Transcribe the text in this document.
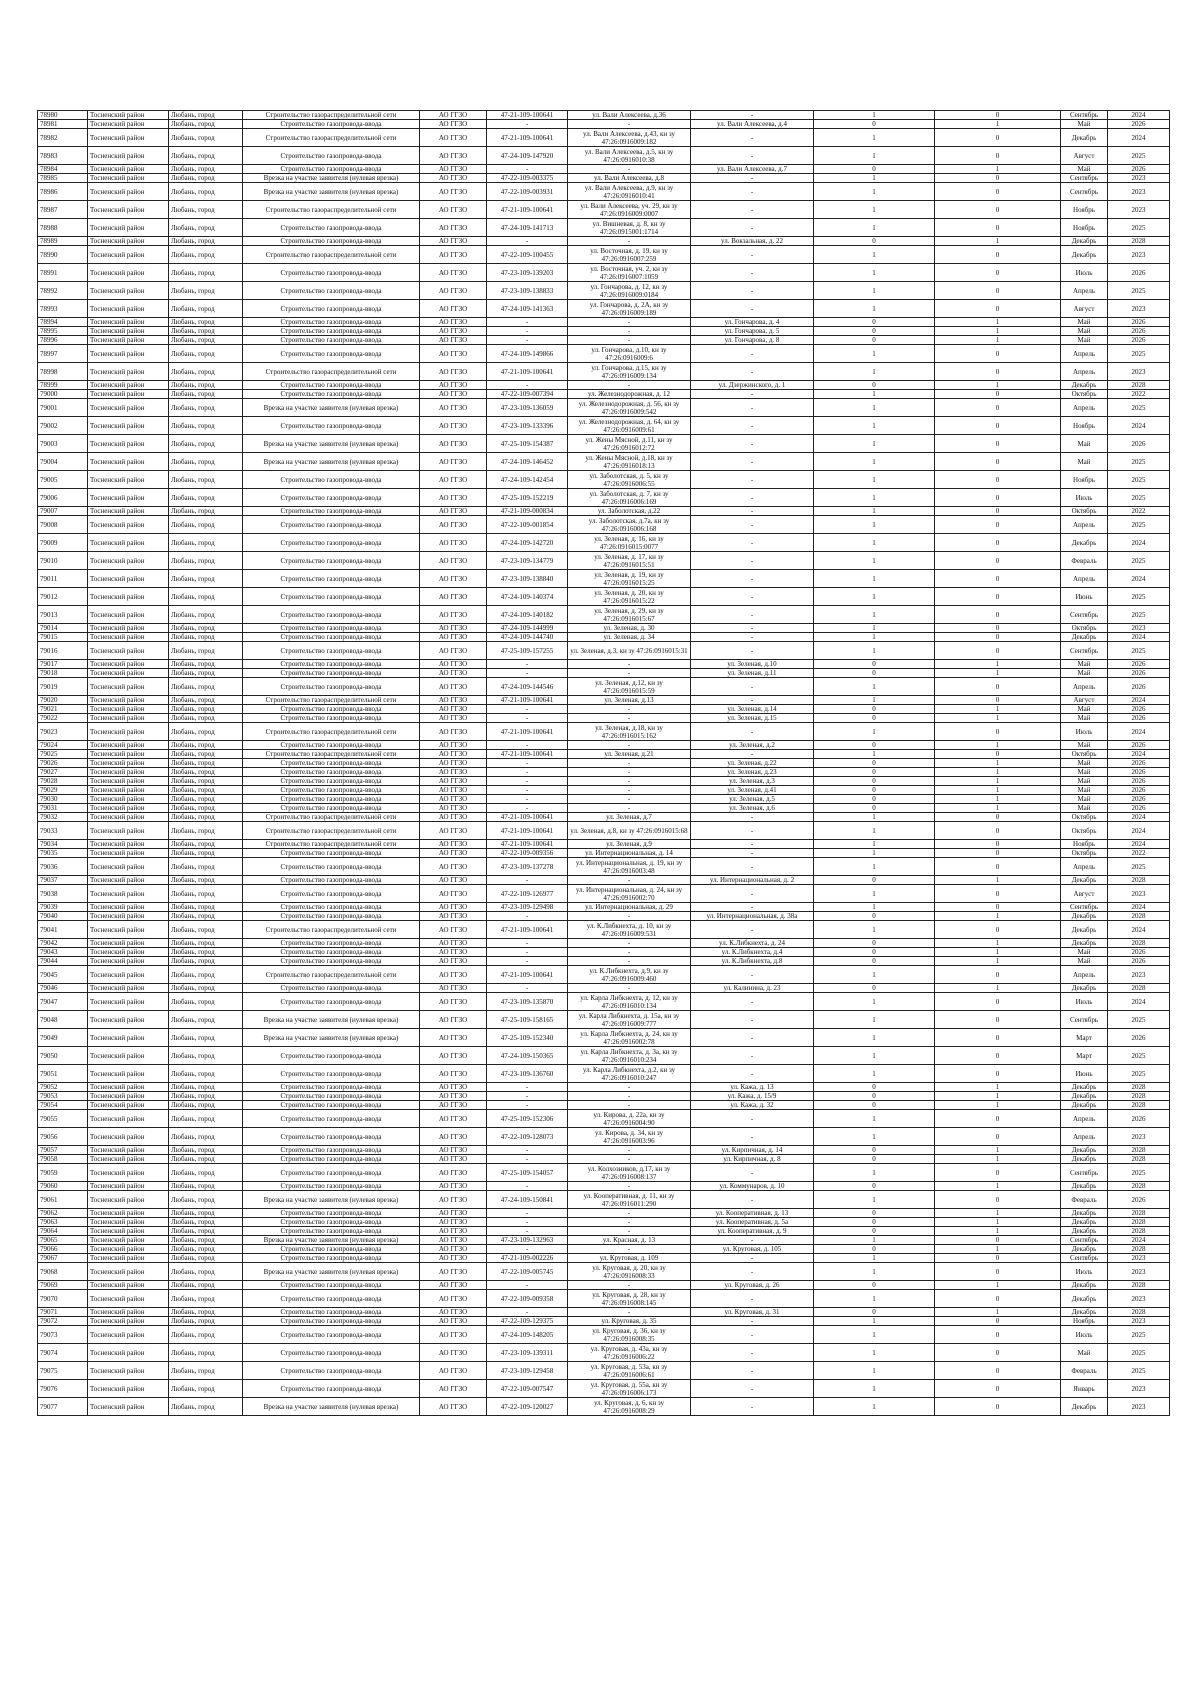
78980	Тосненский район	Любань, город	Строительство газораспределительной сети	АО ГГЗО	47-21-109-100641	ул. Вали Алексеева, д.36	-	1	0	Сентябрь	2024
78981	Тосненский район	Любань, город	Строительство газопровода-ввода	АО ГГЗО	-	-	ул. Вали Алексеева, д.4	0	1	Май	2026
78982	Тосненский район	Любань, город	Строительство газораспределительной сети	АО ГГЗО	47-21-109-100641	ул. Вали Алексеева, д.43, кн зу 47:26:0916009:182	-	1	0	Декабрь	2024
78983	Тосненский район	Любань, город	Строительство газопровода-ввода	АО ГГЗО	47-24-109-147920	ул. Вали Алексеева, д.5, кн зу 47:26:0916010:38	-	1	0	Август	2025
78984	Тосненский район	Любань, город	Строительство газопровода-ввода	АО ГГЗО	-	-	ул. Вали Алексеева, д.7	0	1	Май	2026
78985	Тосненский район	Любань, город	Врезка на участке заявителя (нулевая врезка)	АО ГГЗО	47-22-109-003375	ул. Вали Алексеева, д.8	-	1	0	Сентябрь	2023
78986	Тосненский район	Любань, город	Врезка на участке заявителя (нулевая врезка)	АО ГГЗО	47-22-109-003931	ул. Вали Алексеева, д.9, кн зу 47:26:0916010:41	-	1	0	Сентябрь	2023
78987	Тосненский район	Любань, город	Строительство газораспределительной сети	АО ГГЗО	47-21-109-100641	ул. Вали Алексеева, уч. 29, кн зу 47:26:0916009:0007	-	1	0	Ноябрь	2023
78988	Тосненский район	Любань, город	Строительство газопровода-ввода	АО ГГЗО	47-24-109-141713	ул. Вишневая, д. 8, кн зу 47:26:0915001:1714	-	1	0	Ноябрь	2025
78989	Тосненский район	Любань, город	Строительство газопровода-ввода	АО ГГЗО	-	-	ул. Вокзальная, д. 22	0	1	Декабрь	2028
78990	Тосненский район	Любань, город	Строительство газораспределительной сети	АО ГГЗО	47-22-109-100455	ул. Восточная, д. 19, кн зу 47:26:0916007:259	-	1	0	Декабрь	2023
78991	Тосненский район	Любань, город	Строительство газопровода-ввода	АО ГГЗО	47-23-109-139203	ул. Восточная, уч. 2, кн зу 47:26:0916007:1059	-	1	0	Июль	2026
78992	Тосненский район	Любань, город	Строительство газопровода-ввода	АО ГГЗО	47-23-109-138833	ул. Гончарова, д. 12, кн зу 47:26:0916009:0184	-	1	0	Апрель	2025
78993	Тосненский район	Любань, город	Строительство газопровода-ввода	АО ГГЗО	47-24-109-141363	ул. Гончарова, д. 2А, кн зу 47:26:0916009:189	-	1	0	Август	2023
78994	Тосненский район	Любань, город	Строительство газопровода-ввода	АО ГГЗО	-	-	ул. Гончарова, д. 4	0	1	Май	2026
78995	Тосненский район	Любань, город	Строительство газопровода-ввода	АО ГГЗО	-	-	ул. Гончарова, д. 5	0	1	Май	2026
78996	Тосненский район	Любань, город	Строительство газопровода-ввода	АО ГГЗО	-	-	ул. Гончарова, д. 8	0	1	Май	2026
78997	Тосненский район	Любань, город	Строительство газопровода-ввода	АО ГГЗО	47-24-109-149866	ул. Гончарова, д.10, кн зу 47:26:0916009:6	-	1	0	Апрель	2025
78998	Тосненский район	Любань, город	Строительство газораспределительной сети	АО ГГЗО	47-21-109-100641	ул. Гончарова, д.15, кн зу 47:26:0916009:134	-	1	0	Апрель	2023
78999	Тосненский район	Любань, город	Строительство газопровода-ввода	АО ГГЗО	-	-	ул. Дзержинского, д. 1	0	1	Декабрь	2028
79000	Тосненский район	Любань, город	Строительство газопровода-ввода	АО ГГЗО	47-22-109-007394	ул. Железнодорожная, д. 12	-	1	0	Октябрь	2022
79001	Тосненский район	Любань, город	Врезка на участке заявителя (нулевая врезка)	АО ГГЗО	47-23-109-136059	ул. Железнодорожная, д. 56, кн зу 47:26:0916009:542	-	1	0	Апрель	2025
79002	Тосненский район	Любань, город	Строительство газопровода-ввода	АО ГГЗО	47-23-109-133396	ул. Железнодорожная, д. 64, кн зу 47:26:0916009:61	-	1	0	Ноябрь	2024
79003	Тосненский район	Любань, город	Врезка на участке заявителя (нулевая врезка)	АО ГГЗО	47-25-109-154387	ул. Жены Мясной, д.11, кн зу 47:26:0916012:72	-	1	0	Май	2026
79004	Тосненский район	Любань, город	Врезка на участке заявителя (нулевая врезка)	АО ГГЗО	47-24-109-146452	ул. Жены Мясной, д.18, кн зу 47:26:0916018:13	-	1	0	Май	2025
79005	Тосненский район	Любань, город	Строительство газопровода-ввода	АО ГГЗО	47-24-109-142454	ул. Заболотская, д. 5, кн зу 47:26:0916006:55	-	1	0	Ноябрь	2025
79006	Тосненский район	Любань, город	Строительство газопровода-ввода	АО ГГЗО	47-25-109-152219	ул. Заболотская, д. 7, кн зу 47:26:0916006:169	-	1	0	Июль	2025
79007	Тосненский район	Любань, город	Строительство газопровода-ввода	АО ГГЗО	47-21-109-000834	ул. Заболотская, д.22	-	1	0	Октябрь	2022
79008	Тосненский район	Любань, город	Строительство газопровода-ввода	АО ГГЗО	47-22-109-001854	ул. Заболотская, д.7а, кн зу 47:26:0916006:168	-	1	0	Апрель	2025
79009	Тосненский район	Любань, город	Строительство газопровода-ввода	АО ГГЗО	47-24-109-142720	ул. Зеленая, д. 16, кн зу 47:26:0916015:0077	-	1	0	Декабрь	2024
79010	Тосненский район	Любань, город	Строительство газопровода-ввода	АО ГГЗО	47-23-109-134779	ул. Зеленая, д. 17, кн зу 47:26:0916015:51	-	1	0	Февраль	2025
79011	Тосненский район	Любань, город	Строительство газопровода-ввода	АО ГГЗО	47-23-109-138840	ул. Зеленая, д. 19, кн зу 47:26:0916015:25	-	1	0	Апрель	2024
79012	Тосненский район	Любань, город	Строительство газопровода-ввода	АО ГГЗО	47-24-109-140374	ул. Зеленая, д. 20, кн зу 47:26:0916015:22	-	1	0	Июнь	2025
79013	Тосненский район	Любань, город	Строительство газопровода-ввода	АО ГГЗО	47-24-109-140182	ул. Зеленая, д. 29, кн зу 47:26:0916015:67	-	1	0	Сентябрь	2025
79014	Тосненский район	Любань, город	Строительство газопровода-ввода	АО ГГЗО	47-24-109-144999	ул. Зеленая, д. 30	-	1	0	Октябрь	2023
79015	Тосненский район	Любань, город	Строительство газопровода-ввода	АО ГГЗО	47-24-109-144740	ул. Зеленая, д. 34	-	1	0	Декабрь	2024
79016	Тосненский район	Любань, город	Строительство газопровода-ввода	АО ГГЗО	47-25-109-157255	ул. Зеленая, д.3, кн зу 47:26:0916015:31	-	1	0	Сентябрь	2025
79017	Тосненский район	Любань, город	Строительство газопровода-ввода	АО ГГЗО	-	-	ул. Зеленая, д.10	0	1	Май	2026
79018	Тосненский район	Любань, город	Строительство газопровода-ввода	АО ГГЗО	-	-	ул. Зеленая, д.11	0	1	Май	2026
79019	Тосненский район	Любань, город	Строительство газопровода-ввода	АО ГГЗО	47-24-109-144546	ул. Зеленая, д.12, кн зу 47:26:0916015:59	-	1	0	Апрель	2026
79020	Тосненский район	Любань, город	Строительство газораспределительной сети	АО ГГЗО	47-21-109-100641	ул. Зеленая, д.13	-	1	0	Август	2024
79021	Тосненский район	Любань, город	Строительство газопровода-ввода	АО ГГЗО	-	-	ул. Зеленая, д.14	0	1	Май	2026
79022	Тосненский район	Любань, город	Строительство газопровода-ввода	АО ГГЗО	-	-	ул. Зеленая, д.15	0	1	Май	2026
79023	Тосненский район	Любань, город	Строительство газораспределительной сети	АО ГГЗО	47-21-109-100641	ул. Зеленая, д.18, кн зу 47:26:0916015:162	-	1	0	Июль	2024
79024	Тосненский район	Любань, город	Строительство газопровода-ввода	АО ГГЗО	-	-	ул. Зеленая, д.2	0	1	Май	2026
79025	Тосненский район	Любань, город	Строительство газораспределительной сети	АО ГГЗО	47-21-109-100641	ул. Зеленая, д.21	-	1	0	Октябрь	2024
79026	Тосненский район	Любань, город	Строительство газопровода-ввода	АО ГГЗО	-	-	ул. Зеленая, д.22	0	1	Май	2026
79027	Тосненский район	Любань, город	Строительство газопровода-ввода	АО ГГЗО	-	-	ул. Зеленая, д.23	0	1	Май	2026
79028	Тосненский район	Любань, город	Строительство газопровода-ввода	АО ГГЗО	-	-	ул. Зеленая, д.3	0	1	Май	2026
79029	Тосненский район	Любань, город	Строительство газопровода-ввода	АО ГГЗО	-	-	ул. Зеленая, д.41	0	1	Май	2026
79030	Тосненский район	Любань, город	Строительство газопровода-ввода	АО ГГЗО	-	-	ул. Зеленая, д.5	0	1	Май	2026
79031	Тосненский район	Любань, город	Строительство газопровода-ввода	АО ГГЗО	-	-	ул. Зеленая, д.6	0	1	Май	2026
79032	Тосненский район	Любань, город	Строительство газораспределительной сети	АО ГГЗО	47-21-109-100641	ул. Зеленая, д.7	-	1	0	Октябрь	2024
79033	Тосненский район	Любань, город	Строительство газораспределительной сети	АО ГГЗО	47-21-109-100641	ул. Зеленая, д.8, кн зу 47:26:0916015:68	-	1	0	Октябрь	2024
79034	Тосненский район	Любань, город	Строительство газораспределительной сети	АО ГГЗО	47-21-109-100641	ул. Зеленая, д.9	-	1	0	Ноябрь	2024
79035	Тосненский район	Любань, город	Строительство газопровода-ввода	АО ГГЗО	47-22-109-009356	ул. Интернациональная, д. 14	-	1	0	Октябрь	2022
79036	Тосненский район	Любань, город	Строительство газопровода-ввода	АО ГГЗО	47-23-109-137278	ул. Интернациональная, д. 19, кн зу 47:26:0916003:48	-	1	0	Апрель	2025
79037	Тосненский район	Любань, город	Строительство газопровода-ввода	АО ГГЗО	-	-	ул. Интернациональная, д. 2	0	1	Декабрь	2028
79038	Тосненский район	Любань, город	Строительство газопровода-ввода	АО ГГЗО	47-22-109-126977	ул. Интернациональная, д. 24, кн зу 47:26:0916002:70	-	1	0	Август	2023
79039	Тосненский район	Любань, город	Строительство газопровода-ввода	АО ГГЗО	47-23-109-129498	ул. Интернациональная, д. 29	-	1	0	Сентябрь	2024
79040	Тосненский район	Любань, город	Строительство газопровода-ввода	АО ГГЗО	-	-	ул. Интернациональная, д. 38а	0	1	Декабрь	2028
79041	Тосненский район	Любань, город	Строительство газораспределительной сети	АО ГГЗО	47-21-109-100641	ул. К.Либкнехта, д. 10, кн зу 47:26:0916009:531	-	1	0	Декабрь	2024
79042	Тосненский район	Любань, город	Строительство газопровода-ввода	АО ГГЗО	-	-	ул. К.Либкнехта, д. 24	0	1	Декабрь	2028
79043	Тосненский район	Любань, город	Строительство газопровода-ввода	АО ГГЗО	-	-	ул. К.Либкнехта, д.4	0	1	Май	2026
79044	Тосненский район	Любань, город	Строительство газопровода-ввода	АО ГГЗО	-	-	ул. К.Либкнехта, д.8	0	1	Май	2026
79045	Тосненский район	Любань, город	Строительство газораспределительной сети	АО ГГЗО	47-21-109-100641	ул. К.Либкнехта, д.9, кн зу 47:26:0916009:460	-	1	0	Апрель	2023
79046	Тосненский район	Любань, город	Строительство газопровода-ввода	АО ГГЗО	-	-	ул. Калинина, д. 23	0	1	Декабрь	2028
79047	Тосненский район	Любань, город	Строительство газопровода-ввода	АО ГГЗО	47-23-109-135870	ул. Карла Либкнехта, д. 12, кн зу 47:26:0916010:134	-	1	0	Июль	2024
79048	Тосненский район	Любань, город	Врезка на участке заявителя (нулевая врезка)	АО ГГЗО	47-25-109-158165	ул. Карла Либкнехта, д. 15а, кн зу 47:26:0916009:777	-	1	0	Сентябрь	2025
79049	Тосненский район	Любань, город	Врезка на участке заявителя (нулевая врезка)	АО ГГЗО	47-25-109-152340	ул. Карла Либкнехта, д. 24, кн зу 47:26:0916002:78	-	1	0	Март	2026
79050	Тосненский район	Любань, город	Строительство газопровода-ввода	АО ГГЗО	47-24-109-150365	ул. Карла Либкнехта, д. 3а, кн зу 47:26:0916010:234	-	1	0	Март	2025
79051	Тосненский район	Любань, город	Строительство газопровода-ввода	АО ГГЗО	47-23-109-136760	ул. Карла Либкнехта, д.2, кн зу 47:26:0916010:247	-	1	0	Июнь	2025
79052	Тосненский район	Любань, город	Строительство газопровода-ввода	АО ГГЗО	-	-	ул. Кажа, д. 13	0	1	Декабрь	2028
79053	Тосненский район	Любань, город	Строительство газопровода-ввода	АО ГГЗО	-	-	ул. Кажа, д. 15/9	0	1	Декабрь	2028
79054	Тосненский район	Любань, город	Строительство газопровода-ввода	АО ГГЗО	-	-	ул. Кажа, д. 32	0	1	Декабрь	2028
79055	Тосненский район	Любань, город	Строительство газопровода-ввода	АО ГГЗО	47-25-109-152306	ул. Кирова, д. 22а, кн зу 47:26:0916004:90	-	1	0	Апрель	2026
79056	Тосненский район	Любань, город	Строительство газопровода-ввода	АО ГГЗО	47-22-109-128073	ул. Кирова, д. 34, кн зу 47:26:0916003:96	-	1	0	Апрель	2023
79057	Тосненский район	Любань, город	Строительство газопровода-ввода	АО ГГЗО	-	-	ул. Кирпичная, д. 14	0	1	Декабрь	2028
79058	Тосненский район	Любань, город	Строительство газопровода-ввода	АО ГГЗО	-	-	ул. Кирпичная, д. 8	0	1	Декабрь	2028
79059	Тосненский район	Любань, город	Строительство газопровода-ввода	АО ГГЗО	47-25-109-154057	ул. Колхозников, д.17, кн зу 47:26:0916008:137	-	1	0	Сентябрь	2025
79060	Тосненский район	Любань, город	Строительство газопровода-ввода	АО ГГЗО	-	-	ул. Коммунаров, д. 10	0	1	Декабрь	2028
79061	Тосненский район	Любань, город	Врезка на участке заявителя (нулевая врезка)	АО ГГЗО	47-24-109-150841	ул. Кооперативная, д. 11, кн зу 47:26:0916011:290	-	1	0	Февраль	2026
79062	Тосненский район	Любань, город	Строительство газопровода-ввода	АО ГГЗО	-	-	ул. Кооперативная, д. 13	0	1	Декабрь	2028
79063	Тосненский район	Любань, город	Строительство газопровода-ввода	АО ГГЗО	-	-	ул. Кооперативная, д. 5а	0	1	Декабрь	2028
79064	Тосненский район	Любань, город	Строительство газопровода-ввода	АО ГГЗО	-	-	ул. Кооперативная, д. 9	0	1	Декабрь	2028
79065	Тосненский район	Любань, город	Врезка на участке заявителя (нулевая врезка)	АО ГГЗО	47-23-109-132963	ул. Красная, д. 13	-	1	0	Сентябрь	2024
79066	Тосненский район	Любань, город	Строительство газопровода-ввода	АО ГГЗО	-	-	ул. Круговая, д. 105	0	1	Декабрь	2028
79067	Тосненский район	Любань, город	Строительство газопровода-ввода	АО ГГЗО	47-21-109-002226	ул. Круговая, д. 109	-	1	0	Сентябрь	2023
79068	Тосненский район	Любань, город	Врезка на участке заявителя (нулевая врезка)	АО ГГЗО	47-22-109-005745	ул. Круговая, д. 20, кн зу 47:26:0916008:33	-	1	0	Июль	2023
79069	Тосненский район	Любань, город	Строительство газопровода-ввода	АО ГГЗО	-	-	ул. Круговая, д. 26	0	1	Декабрь	2028
79070	Тосненский район	Любань, город	Строительство газопровода-ввода	АО ГГЗО	47-22-109-009358	ул. Круговая, д. 28, кн зу 47:26:0916008:145	-	1	0	Декабрь	2023
79071	Тосненский район	Любань, город	Строительство газопровода-ввода	АО ГГЗО	-	-	ул. Круговая, д. 31	0	1	Декабрь	2028
79072	Тосненский район	Любань, город	Строительство газопровода-ввода	АО ГГЗО	47-22-109-129375	ул. Круговая, д. 35	-	1	0	Ноябрь	2023
79073	Тосненский район	Любань, город	Строительство газопровода-ввода	АО ГГЗО	47-24-109-148205	ул. Круговая, д. 36, кн зу 47:26:0916008:35	-	1	0	Июль	2025
79074	Тосненский район	Любань, город	Строительство газопровода-ввода	АО ГГЗО	47-23-109-139311	ул. Круговая, д. 43а, кн зу 47:26:0916006:22	-	1	0	Май	2025
79075	Тосненский район	Любань, город	Строительство газопровода-ввода	АО ГГЗО	47-23-109-129458	ул. Круговая, д. 53а, кн зу 47:26:0916006:61	-	1	0	Февраль	2025
79076	Тосненский район	Любань, город	Строительство газопровода-ввода	АО ГГЗО	47-22-109-007547	ул. Круговая, д. 55а, кн зу 47:26:0916006:173	-	1	0	Январь	2023
79077	Тосненский район	Любань, город	Врезка на участке заявителя (нулевая врезка)	АО ГГЗО	47-22-109-120027	ул. Круговая, д. 6, кн зу 47:26:0916008:29	-	1	0	Декабрь	2023
